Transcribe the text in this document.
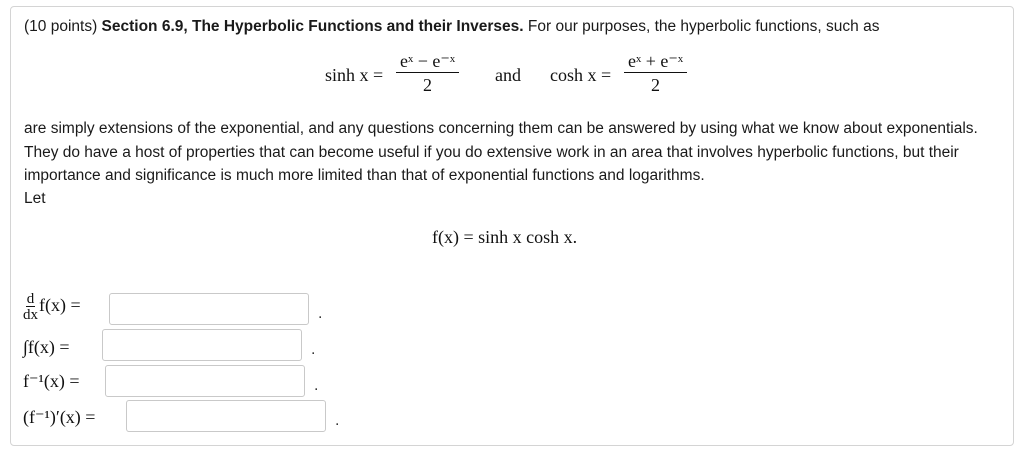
(10 points) Section 6.9, The Hyperbolic Functions and their Inverses. For our purposes, the hyperbolic functions, such as
$\sinh x = \frac{\text{eˣ − e⁻ˣ}}{2}$ and $\cosh x = \frac{\text{eˣ + e⁻ˣ}}{2}$
are simply extensions of the exponential, and any questions concerning them can be answered by using what we know about exponentials. They do have a host of properties that can become useful if you do extensive work in an area that involves hyperbolic functions, but their importance and significance is much more limited than that of exponential functions and logarithms.
Let
f(x) = sinh x cosh x.
$\frac{d}{dx} f(x)$ =	.
∫f(x) =	.
f⁻¹(x) =	.
(f⁻¹)′(x) =	.
